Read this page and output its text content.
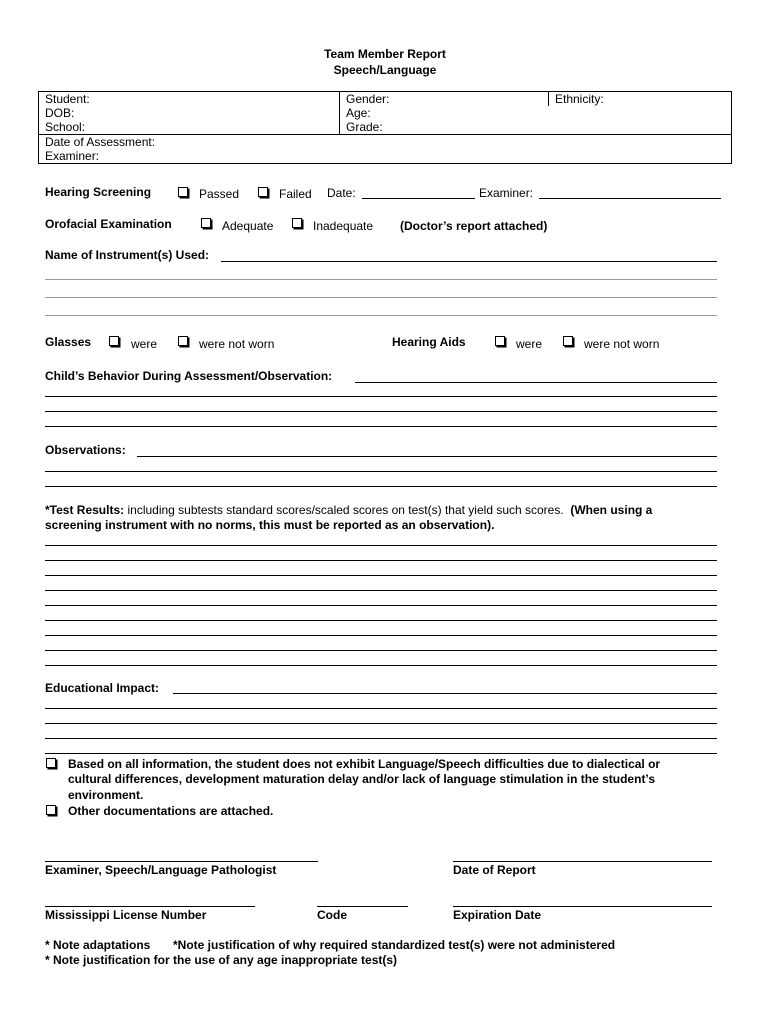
Team Member Report
Speech/Language
Student:	Gender:	Ethnicity:
DOB:	Age:	
School:	Grade:	
Date of Assessment:		
Examiner:		
Hearing Screening	Passed	Failed Date:	Examiner:
Orofacial Examination	Adequate	Inadequate (Doctor’s report attached)
Name of Instrument(s) Used:
Glasses	were	were not worn	Hearing Aids	were	were not worn
Child’s Behavior During Assessment/Observation:
Observations:
*Test Results: including subtests standard scores/scaled scores on test(s) that yield such scores.  (When using a
screening instrument with no norms, this must be reported as an observation).
Educational Impact:
Based on all information, the student does not exhibit Language/Speech difficulties due to dialectical or
cultural differences, development maturation delay and/or lack of language stimulation in the student’s
environment.
Other documentations are attached.
Examiner, Speech/Language Pathologist	Date of Report
Mississippi License Number	Code	Expiration Date
* Note adaptations *Note justification of why required standardized test(s) were not administered
* Note justification for the use of any age inappropriate test(s)
